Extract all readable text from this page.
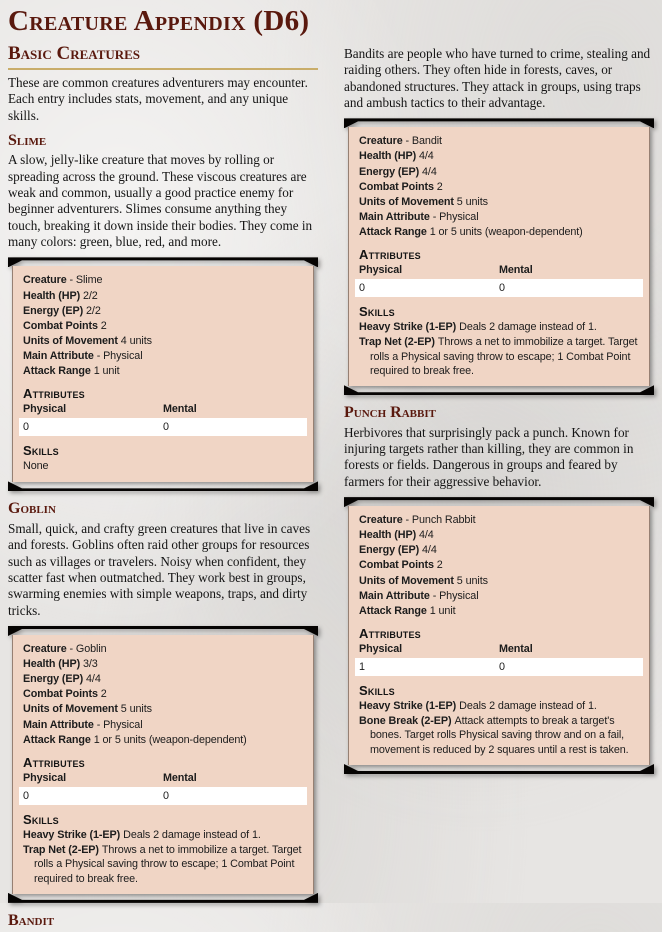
Creature Appendix (D6)
Basic Creatures

These are common creatures adventurers may encounter. Each entry includes stats, movement, and any unique skills.

Slime

A slow, jelly-like creature that moves by rolling or spreading across the ground. These viscous creatures are weak and common, usually a good practice enemy for beginner adventurers. Slimes consume anything they touch, breaking it down inside their bodies. They come in many colors: green, blue, red, and more.

Creature - Slime
Health (HP) 2/2
Energy (EP) 2/2
Combat Points 2
Units of Movement 4 units
Main Attribute - Physical
Attack Range 1 unit
Attributes
Physical	Mental
0	0
Skills
None
Goblin

Small, quick, and crafty green creatures that live in caves and forests. Goblins often raid other groups for resources such as villages or travelers. Noisy when confident, they scatter fast when outmatched. They work best in groups, swarming enemies with simple weapons, traps, and dirty tricks.

Creature - Goblin
Health (HP) 3/3
Energy (EP) 4/4
Combat Points 2
Units of Movement 5 units
Main Attribute - Physical
Attack Range 1 or 5 units (weapon-dependent)
Attributes
Physical	Mental
0	0
Skills
Heavy Strike (1-EP) Deals 2 damage instead of 1.
Trap Net (2-EP) Throws a net to immobilize a target. Target rolls a Physical saving throw to escape; 1 Combat Point required to break free.
Bandit

Bandits are people who have turned to crime, stealing and raiding others. They often hide in forests, caves, or abandoned structures. They attack in groups, using traps and ambush tactics to their advantage.

Creature - Bandit
Health (HP) 4/4
Energy (EP) 4/4
Combat Points 2
Units of Movement 5 units
Main Attribute - Physical
Attack Range 1 or 5 units (weapon-dependent)
Attributes
Physical	Mental
0	0
Skills
Heavy Strike (1-EP) Deals 2 damage instead of 1.
Trap Net (2-EP) Throws a net to immobilize a target. Target rolls a Physical saving throw to escape; 1 Combat Point required to break free.
Punch Rabbit

Herbivores that surprisingly pack a punch. Known for injuring targets rather than killing, they are common in forests or fields. Dangerous in groups and feared by farmers for their aggressive behavior.

Creature - Punch Rabbit
Health (HP) 4/4
Energy (EP) 4/4
Combat Points 2
Units of Movement 5 units
Main Attribute - Physical
Attack Range 1 unit
Attributes
Physical	Mental
1	0
Skills
Heavy Strike (1-EP) Deals 2 damage instead of 1.
Bone Break (2-EP) Attack attempts to break a target's bones. Target rolls Physical saving throw and on a fail, movement is reduced by 2 squares until a rest is taken.
